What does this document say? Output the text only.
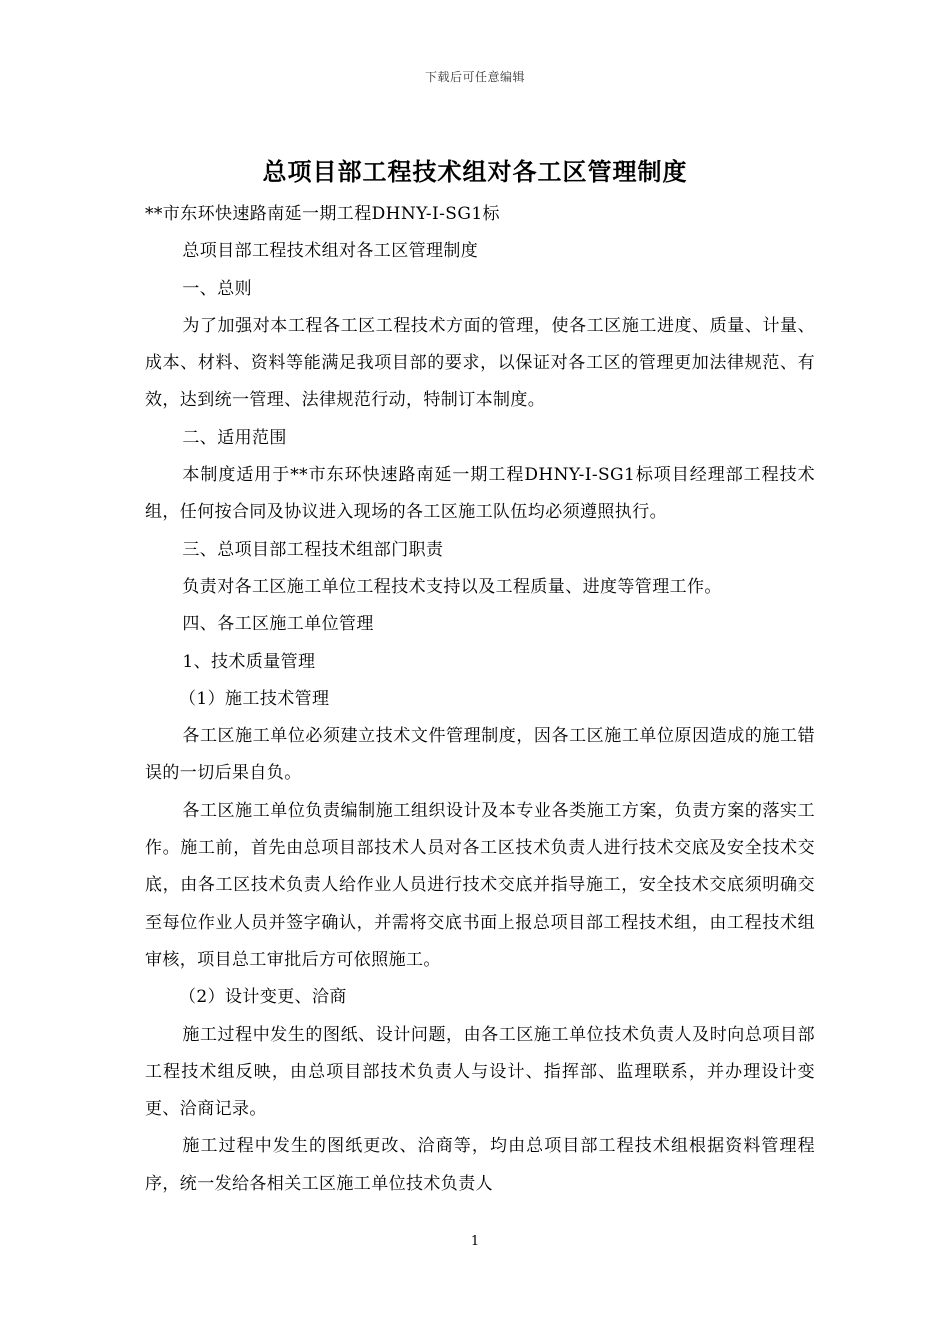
下载后可任意编辑
总项目部工程技术组对各工区管理制度

**市东环快速路南延一期工程DHNY-I-SG1标

总项目部工程技术组对各工区管理制度

一、总则

为了加强对本工程各工区工程技术方面的管理，使各工区施工进度、质量、计量、成本、材料、资料等能满足我项目部的要求，以保证对各工区的管理更加法律规范、有效，达到统一管理、法律规范行动，特制订本制度。

二、适用范围

本制度适用于**市东环快速路南延一期工程DHNY-I-SG1标项目经理部工程技术组，任何按合同及协议进入现场的各工区施工队伍均必须遵照执行。

三、总项目部工程技术组部门职责

负责对各工区施工单位工程技术支持以及工程质量、进度等管理工作。

四、各工区施工单位管理

1、技术质量管理

（1）施工技术管理

各工区施工单位必须建立技术文件管理制度，因各工区施工单位原因造成的施工错误的一切后果自负。

各工区施工单位负责编制施工组织设计及本专业各类施工方案，负责方案的落实工作。施工前，首先由总项目部技术人员对各工区技术负责人进行技术交底及安全技术交底，由各工区技术负责人给作业人员进行技术交底并指导施工，安全技术交底须明确交至每位作业人员并签字确认，并需将交底书面上报总项目部工程技术组，由工程技术组审核，项目总工审批后方可依照施工。

（2）设计变更、洽商

施工过程中发生的图纸、设计问题，由各工区施工单位技术负责人及时向总项目部工程技术组反映，由总项目部技术负责人与设计、指挥部、监理联系，并办理设计变更、洽商记录。

施工过程中发生的图纸更改、洽商等，均由总项目部工程技术组根据资料管理程序，统一发给各相关工区施工单位技术负责人

1
